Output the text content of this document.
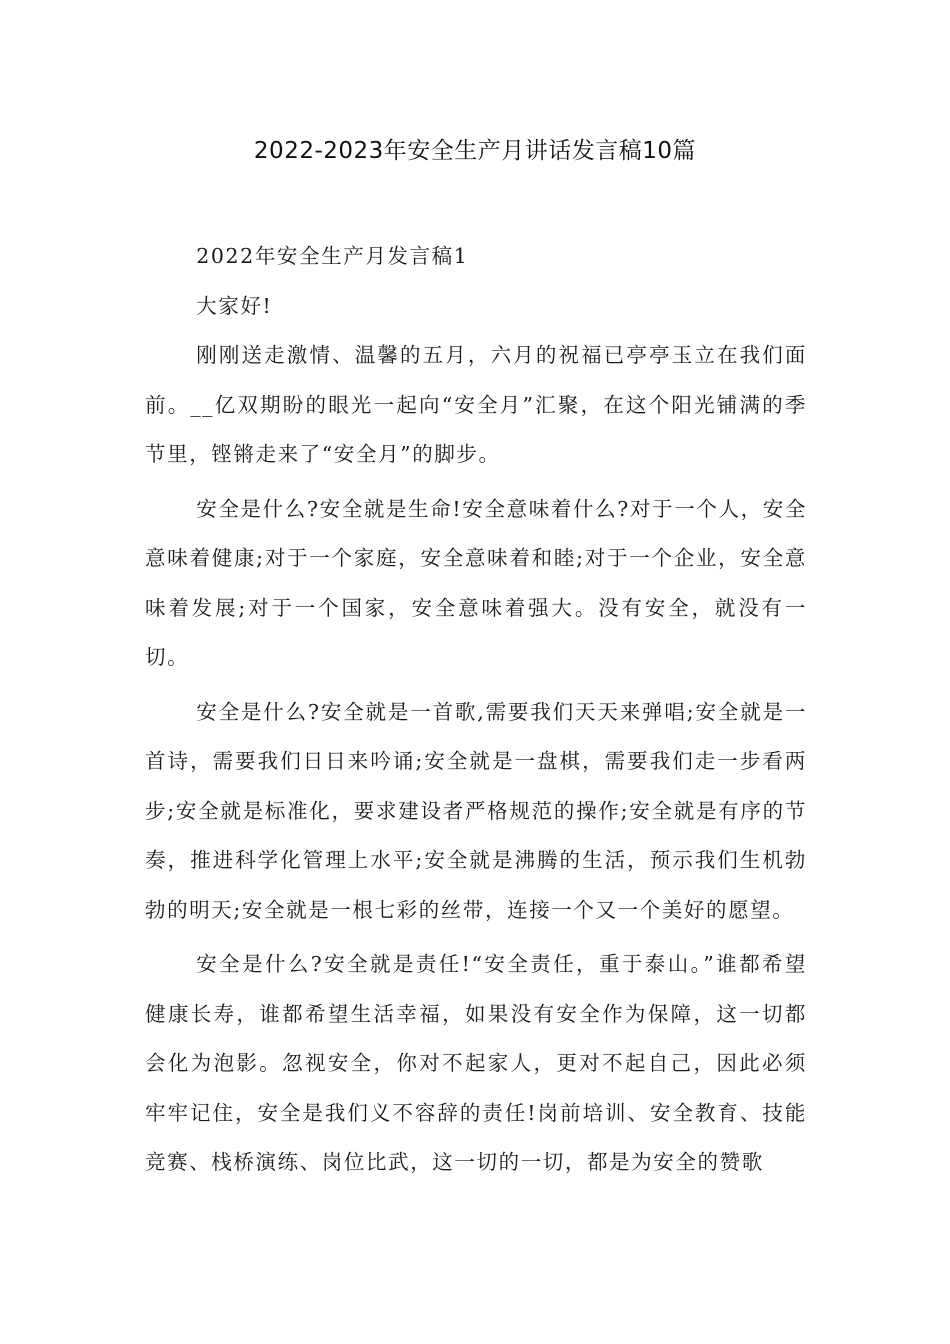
2022-2023年安全生产月讲话发言稿10篇

2022年安全生产月发言稿1

大家好!

刚刚送走激情、温馨的五月，六月的祝福已亭亭玉立在我们面前。__亿双期盼的眼光一起向“安全月”汇聚，在这个阳光铺满的季节里，铿锵走来了“安全月”的脚步。

安全是什么?安全就是生命!安全意味着什么?对于一个人，安全意味着健康;对于一个家庭，安全意味着和睦;对于一个企业，安全意味着发展;对于一个国家，安全意味着强大。没有安全，就没有一切。

安全是什么?安全就是一首歌,需要我们天天来弹唱;安全就是一首诗，需要我们日日来吟诵;安全就是一盘棋，需要我们走一步看两步;安全就是标准化，要求建设者严格规范的操作;安全就是有序的节奏，推进科学化管理上水平;安全就是沸腾的生活，预示我们生机勃勃的明天;安全就是一根七彩的丝带，连接一个又一个美好的愿望。

安全是什么?安全就是责任!“安全责任，重于泰山。”谁都希望健康长寿，谁都希望生活幸福，如果没有安全作为保障，这一切都会化为泡影。忽视安全，你对不起家人，更对不起自己，因此必须牢牢记住，安全是我们义不容辞的责任!岗前培训、安全教育、技能竞赛、栈桥演练、岗位比武，这一切的一切，都是为安全的赞歌
